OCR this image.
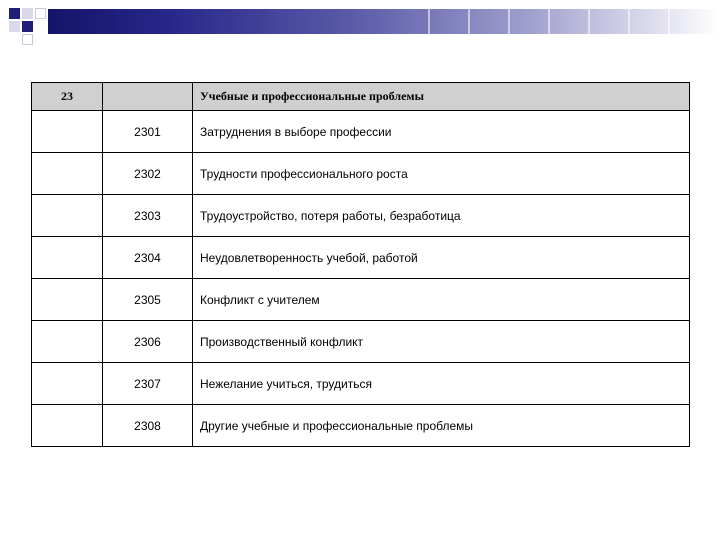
23		Учебные и профессиональные проблемы
	2301	Затруднения в выборе профессии
	2302	Трудности профессионального роста
	2303	Трудоустройство, потеря работы, безработица
	2304	Неудовлетворенность учебой, работой
	2305	Конфликт с учителем
	2306	Производственный конфликт
	2307	Нежелание учиться, трудиться
	2308	Другие учебные и профессиональные проблемы
